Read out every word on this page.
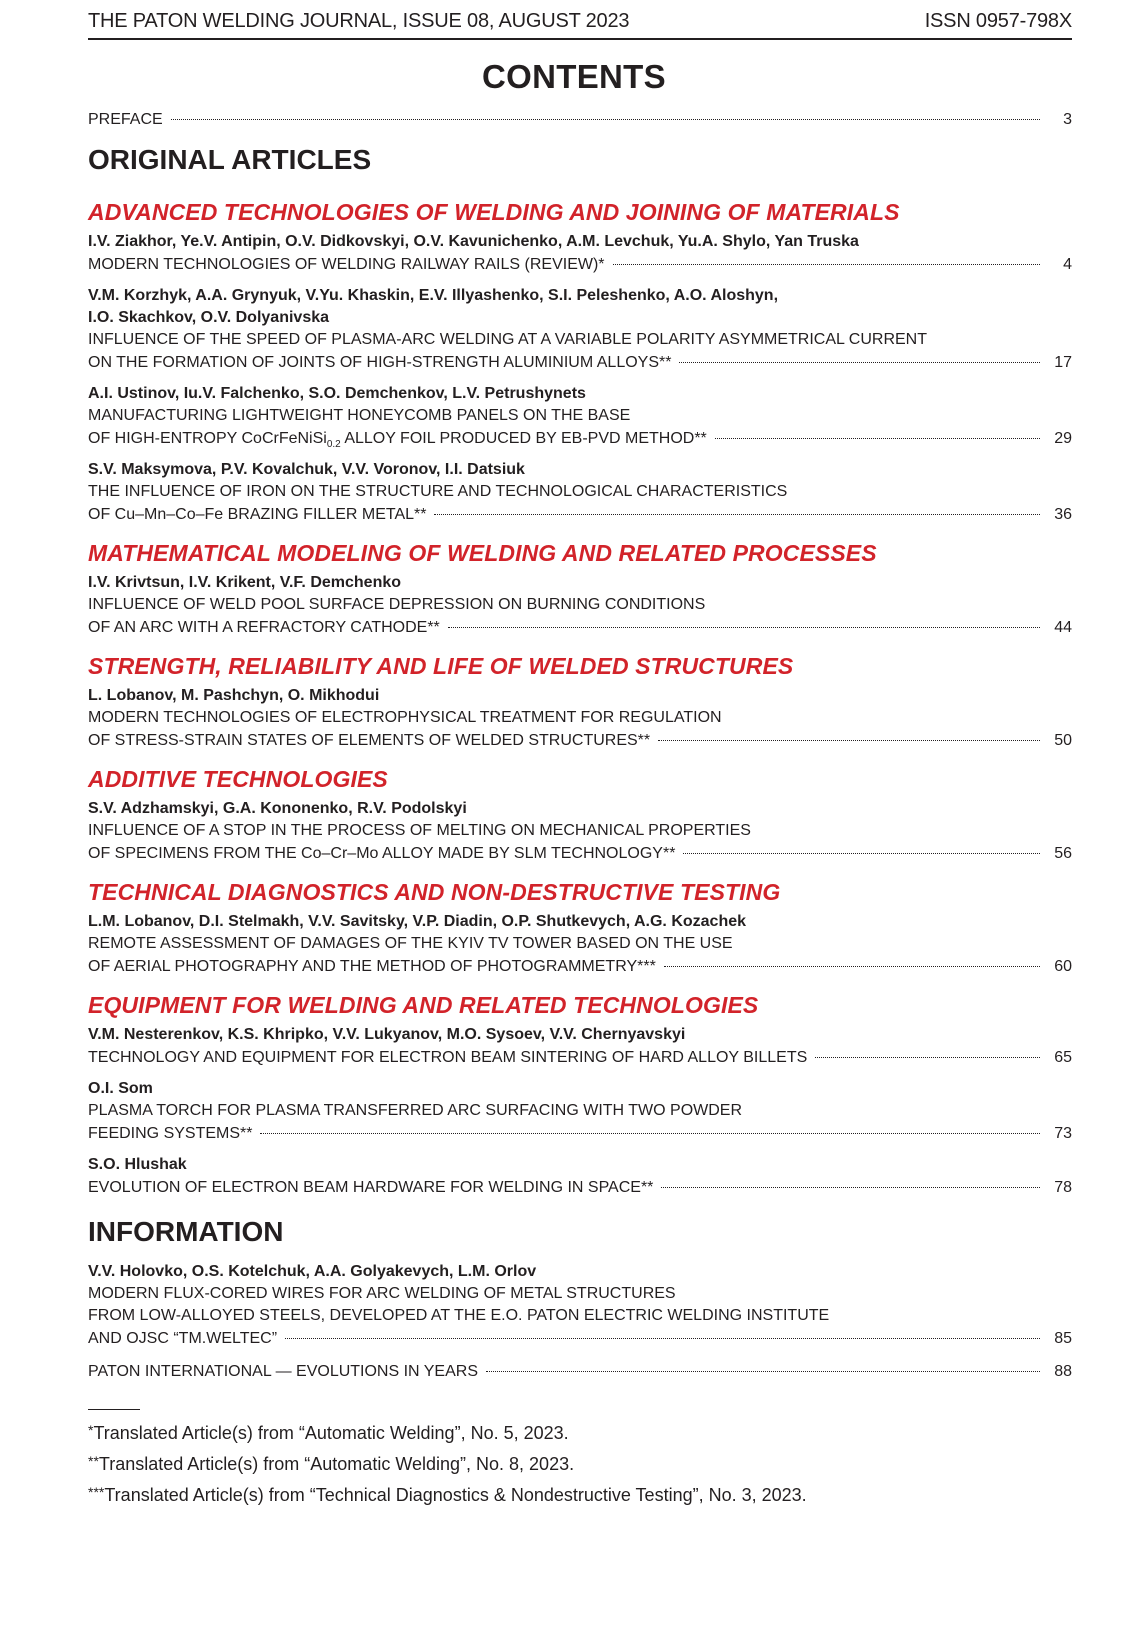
THE PATON WELDING JOURNAL, ISSUE 08, AUGUST 2023	ISSN 0957-798X
CONTENTS
PREFACE	3
ORIGINAL ARTICLES
ADVANCED TECHNOLOGIES OF WELDING AND JOINING OF MATERIALS
I.V. Ziakhor, Ye.V. Antipin, O.V. Didkovskyi, O.V. Kavunichenko, A.M. Levchuk, Yu.A. Shylo, Yan Truska
MODERN TECHNOLOGIES OF WELDING RAILWAY RAILS (REVIEW)*	4
V.M. Korzhyk, A.A. Grynyuk, V.Yu. Khaskin, E.V. Illyashenko, S.I. Peleshenko, A.O. Aloshyn,
I.O. Skachkov, O.V. Dolyanivska
INFLUENCE OF THE SPEED OF PLASMA-ARC WELDING AT A VARIABLE POLARITY ASYMMETRICAL CURRENT
ON THE FORMATION OF JOINTS OF HIGH-STRENGTH ALUMINIUM ALLOYS**	17
A.I. Ustinov, Iu.V. Falchenko, S.O. Demchenkov, L.V. Petrushynets
MANUFACTURING LIGHTWEIGHT HONEYCOMB PANELS ON THE BASE
OF HIGH-ENTROPY CoCrFeNiSi$_{0.2}$ ALLOY FOIL PRODUCED BY EB-PVD METHOD**	29
S.V. Maksymova, P.V. Kovalchuk, V.V. Voronov, I.I. Datsiuk
THE INFLUENCE OF IRON ON THE STRUCTURE AND TECHNOLOGICAL CHARACTERISTICS
OF Cu–Mn–Co–Fe BRAZING FILLER METAL**	36
MATHEMATICAL MODELING OF WELDING AND RELATED PROCESSES
I.V. Krivtsun, I.V. Krikent, V.F. Demchenko
INFLUENCE OF WELD POOL SURFACE DEPRESSION ON BURNING CONDITIONS
OF AN ARC WITH A REFRACTORY CATHODE**	44
STRENGTH, RELIABILITY AND LIFE OF WELDED STRUCTURES
L. Lobanov, M. Pashchyn, O. Mikhodui
MODERN TECHNOLOGIES OF ELECTROPHYSICAL TREATMENT FOR REGULATION
OF STRESS-STRAIN STATES OF ELEMENTS OF WELDED STRUCTURES**	50
ADDITIVE TECHNOLOGIES
S.V. Adzhamskyi, G.A. Kononenko, R.V. Podolskyi
INFLUENCE OF A STOP IN THE PROCESS OF MELTING ON MECHANICAL PROPERTIES
OF SPECIMENS FROM THE Co–Cr–Mo ALLOY MADE BY SLM TECHNOLOGY**	56
TECHNICAL DIAGNOSTICS AND NON-DESTRUCTIVE TESTING
L.M. Lobanov, D.I. Stelmakh, V.V. Savitsky, V.P. Diadin, O.P. Shutkevych, A.G. Kozachek
REMOTE ASSESSMENT OF DAMAGES OF THE KYIV TV TOWER BASED ON THE USE
OF AERIAL PHOTOGRAPHY AND THE METHOD OF PHOTOGRAMMETRY***	60
EQUIPMENT FOR WELDING AND RELATED TECHNOLOGIES
V.M. Nesterenkov, K.S. Khripko, V.V. Lukyanov, M.O. Sysoev, V.V. Chernyavskyi
TECHNOLOGY AND EQUIPMENT FOR ELECTRON BEAM SINTERING OF HARD ALLOY BILLETS	65
O.I. Som
PLASMA TORCH FOR PLASMA TRANSFERRED ARC SURFACING WITH TWO POWDER
FEEDING SYSTEMS**	73
S.O. Hlushak
EVOLUTION OF ELECTRON BEAM HARDWARE FOR WELDING IN SPACE**	78
INFORMATION
V.V. Holovko, O.S. Kotelchuk, A.A. Golyakevych, L.M. Orlov
MODERN FLUX-CORED WIRES FOR ARC WELDING OF METAL STRUCTURES
FROM LOW-ALLOYED STEELS, DEVELOPED AT THE E.O. PATON ELECTRIC WELDING INSTITUTE
AND OJSC “TM.WELTEC”	85
PATON INTERNATIONAL — EVOLUTIONS IN YEARS	88
*Translated Article(s) from “Automatic Welding”, No. 5, 2023.
**Translated Article(s) from “Automatic Welding”, No. 8, 2023.
***Translated Article(s) from “Technical Diagnostics & Nondestructive Testing”, No. 3, 2023.
